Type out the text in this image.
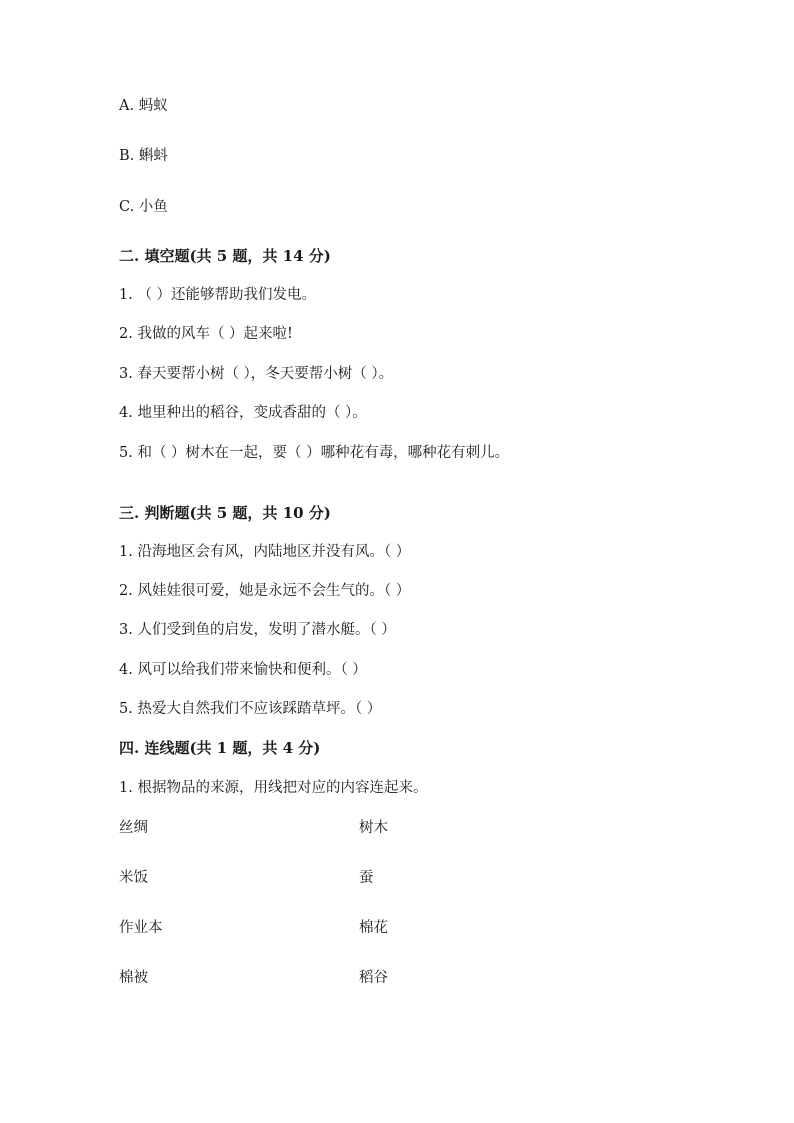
A. 蚂蚁
B. 蝌蚪
C. 小鱼
二. 填空题(共 5 题，共 14 分)
1. （ ）还能够帮助我们发电。
2. 我做的风车（ ）起来啦!
3. 春天要帮小树（ ），冬天要帮小树（ ）。
4. 地里种出的稻谷，变成香甜的（ ）。
5. 和（ ）树木在一起，要（ ）哪种花有毒，哪种花有刺儿。
三. 判断题(共 5 题，共 10 分)
1. 沿海地区会有风，内陆地区并没有风。（ ）
2. 风娃娃很可爱，她是永远不会生气的。（ ）
3. 人们受到鱼的启发，发明了潜水艇。（ ）
4. 风可以给我们带来愉快和便利。（ ）
5. 热爱大自然我们不应该踩踏草坪。（ ）
四. 连线题(共 1 题，共 4 分)
1. 根据物品的来源，用线把对应的内容连起来。
丝绸	树木
米饭	蚕
作业本	棉花
棉被	稻谷
